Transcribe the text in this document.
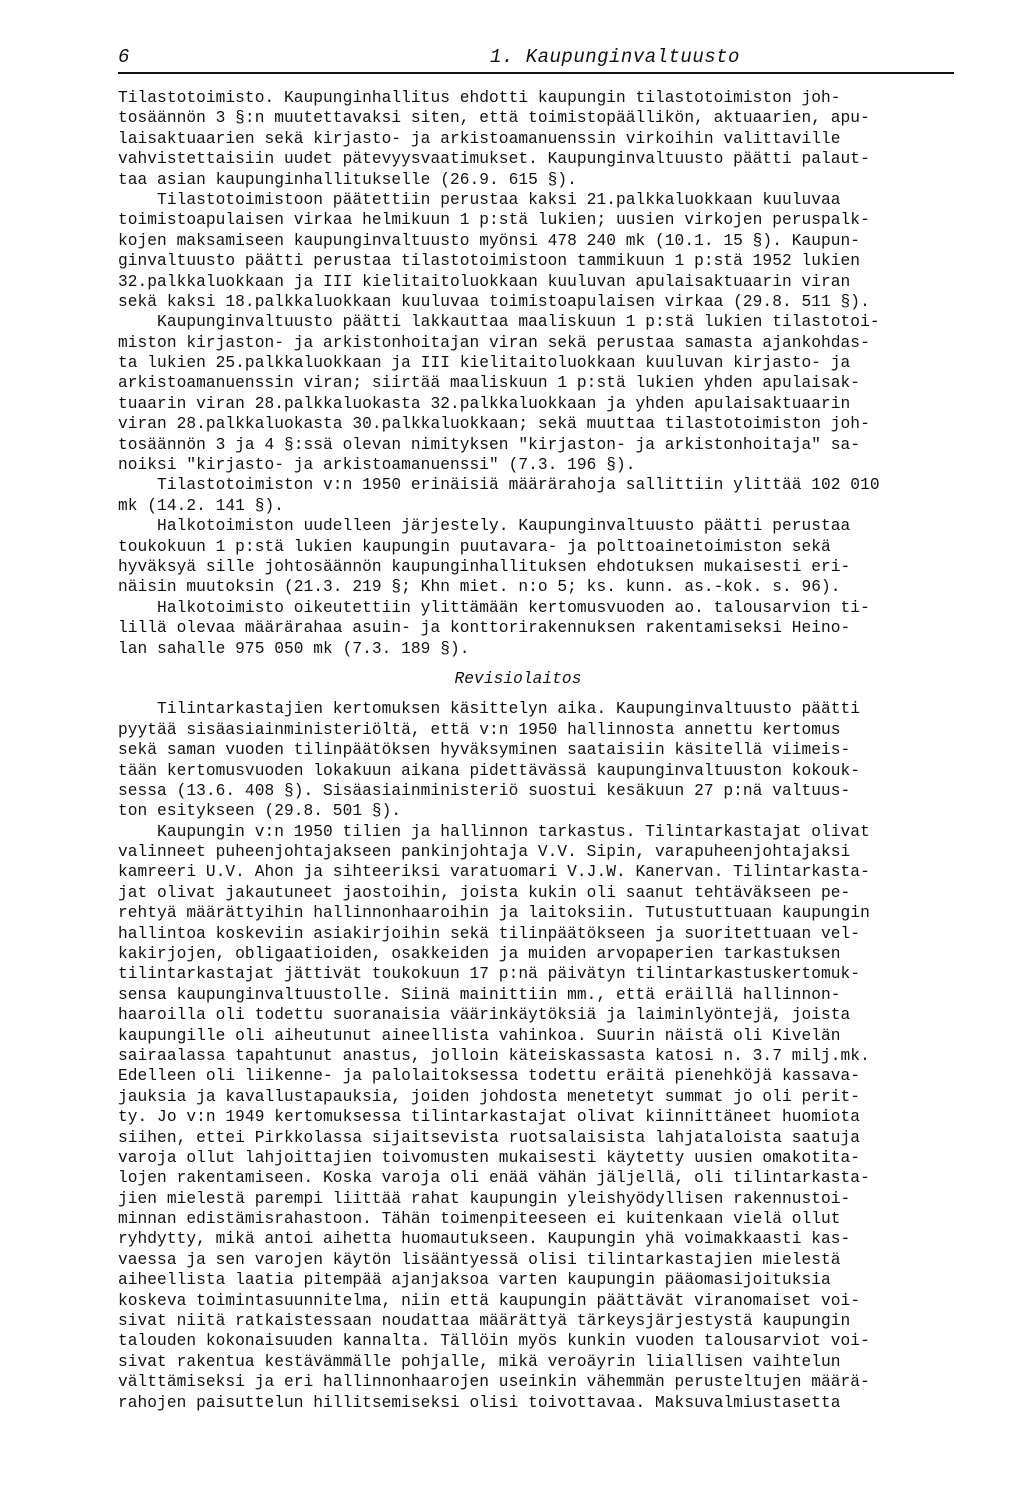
6	1. Kaupunginvaltuusto
Tilastotoimisto. Kaupunginhallitus ehdotti kaupungin tilastotoimiston joh-
tosäännön 3 §:n muutettavaksi siten, että toimistopäällikön, aktuaarien, apu-
laisaktuaarien sekä kirjasto- ja arkistoamanuenssin virkoihin valittaville
vahvistettaisiin uudet pätevyysvaatimukset. Kaupunginvaltuusto päätti palaut-
taa asian kaupunginhallitukselle (26.9. 615 §).
Tilastotoimistoon päätettiin perustaa kaksi 21.palkkaluokkaan kuuluvaa
toimistoapulaisen virkaa helmikuun 1 p:stä lukien; uusien virkojen peruspalk-
kojen maksamiseen kaupunginvaltuusto myönsi 478 240 mk (10.1. 15 §). Kaupun-
ginvaltuusto päätti perustaa tilastotoimistoon tammikuun 1 p:stä 1952 lukien
32.palkkaluokkaan ja III kielitaitoluokkaan kuuluvan apulaisaktuaarin viran
sekä kaksi 18.palkkaluokkaan kuuluvaa toimistoapulaisen virkaa (29.8. 511 §).
Kaupunginvaltuusto päätti lakkauttaa maaliskuun 1 p:stä lukien tilastotoi-
miston kirjaston- ja arkistonhoitajan viran sekä perustaa samasta ajankohdas-
ta lukien 25.palkkaluokkaan ja III kielitaitoluokkaan kuuluvan kirjasto- ja
arkistoamanuenssin viran; siirtää maaliskuun 1 p:stä lukien yhden apulaisak-
tuaarin viran 28.palkkaluokasta 32.palkkaluokkaan ja yhden apulaisaktuaarin
viran 28.palkkaluokasta 30.palkkaluokkaan; sekä muuttaa tilastotoimiston joh-
tosäännön 3 ja 4 §:ssä olevan nimityksen "kirjaston- ja arkistonhoitaja" sa-
noiksi "kirjasto- ja arkistoamanuenssi" (7.3. 196 §).
Tilastotoimiston v:n 1950 erinäisiä määrärahoja sallittiin ylittää 102 010
mk (14.2. 141 §).
Halkotoimiston uudelleen järjestely. Kaupunginvaltuusto päätti perustaa
toukokuun 1 p:stä lukien kaupungin puutavara- ja polttoainetoimiston sekä
hyväksyä sille johtosäännön kaupunginhallituksen ehdotuksen mukaisesti eri-
näisin muutoksin (21.3. 219 §; Khn miet. n:o 5; ks. kunn. as.-kok. s. 96).
Halkotoimisto oikeutettiin ylittämään kertomusvuoden ao. talousarvion ti-
lillä olevaa määrärahaa asuin- ja konttorirakennuksen rakentamiseksi Heino-
lan sahalle 975 050 mk (7.3. 189 §).
Revisiolaitos
Tilintarkastajien kertomuksen käsittelyn aika. Kaupunginvaltuusto päätti
pyytää sisäasiainministeriöltä, että v:n 1950 hallinnosta annettu kertomus
sekä saman vuoden tilinpäätöksen hyväksyminen saataisiin käsitellä viimeis-
tään kertomusvuoden lokakuun aikana pidettävässä kaupunginvaltuuston kokouk-
sessa (13.6. 408 §). Sisäasiainministeriö suostui kesäkuun 27 p:nä valtuus-
ton esitykseen (29.8. 501 §).
Kaupungin v:n 1950 tilien ja hallinnon tarkastus. Tilintarkastajat olivat
valinneet puheenjohtajakseen pankinjohtaja V.V. Sipin, varapuheenjohtajaksi
kamreeri U.V. Ahon ja sihteeriksi varatuomari V.J.W. Kanervan. Tilintarkasta-
jat olivat jakautuneet jaostoihin, joista kukin oli saanut tehtäväkseen pe-
rehtyä määrättyihin hallinnonhaaroihin ja laitoksiin. Tutustuttuaan kaupungin
hallintoa koskeviin asiakirjoihin sekä tilinpäätökseen ja suoritettuaan vel-
kakirjojen, obligaatioiden, osakkeiden ja muiden arvopaperien tarkastuksen
tilintarkastajat jättivät toukokuun 17 p:nä päivätyn tilintarkastuskertomuk-
sensa kaupunginvaltuustolle. Siinä mainittiin mm., että eräillä hallinnon-
haaroilla oli todettu suoranaisia väärinkäytöksiä ja laiminlyöntejä, joista
kaupungille oli aiheutunut aineellista vahinkoa. Suurin näistä oli Kivelän
sairaalassa tapahtunut anastus, jolloin käteiskassasta katosi n. 3.7 milj.mk.
Edelleen oli liikenne- ja palolaitoksessa todettu eräitä pienehköjä kassava-
jauksia ja kavallustapauksia, joiden johdosta menetetyt summat jo oli perit-
ty. Jo v:n 1949 kertomuksessa tilintarkastajat olivat kiinnittäneet huomiota
siihen, ettei Pirkkolassa sijaitsevista ruotsalaisista lahjataloista saatuja
varoja ollut lahjoittajien toivomusten mukaisesti käytetty uusien omakotita-
lojen rakentamiseen. Koska varoja oli enää vähän jäljellä, oli tilintarkasta-
jien mielestä parempi liittää rahat kaupungin yleishyödyllisen rakennustoi-
minnan edistämisrahastoon. Tähän toimenpiteeseen ei kuitenkaan vielä ollut
ryhdytty, mikä antoi aihetta huomautukseen. Kaupungin yhä voimakkaasti kas-
vaessa ja sen varojen käytön lisääntyessä olisi tilintarkastajien mielestä
aiheellista laatia pitempää ajanjaksoa varten kaupungin pääomasijoituksia
koskeva toimintasuunnitelma, niin että kaupungin päättävät viranomaiset voi-
sivat niitä ratkaistessaan noudattaa määrättyä tärkeysjärjestystä kaupungin
talouden kokonaisuuden kannalta. Tällöin myös kunkin vuoden talousarviot voi-
sivat rakentua kestävämmälle pohjalle, mikä veroäyrin liiallisen vaihtelun
välttämiseksi ja eri hallinnonhaarojen useinkin vähemmän perusteltujen määrä-
rahojen paisuttelun hillitsemiseksi olisi toivottavaa. Maksuvalmiustasetta
